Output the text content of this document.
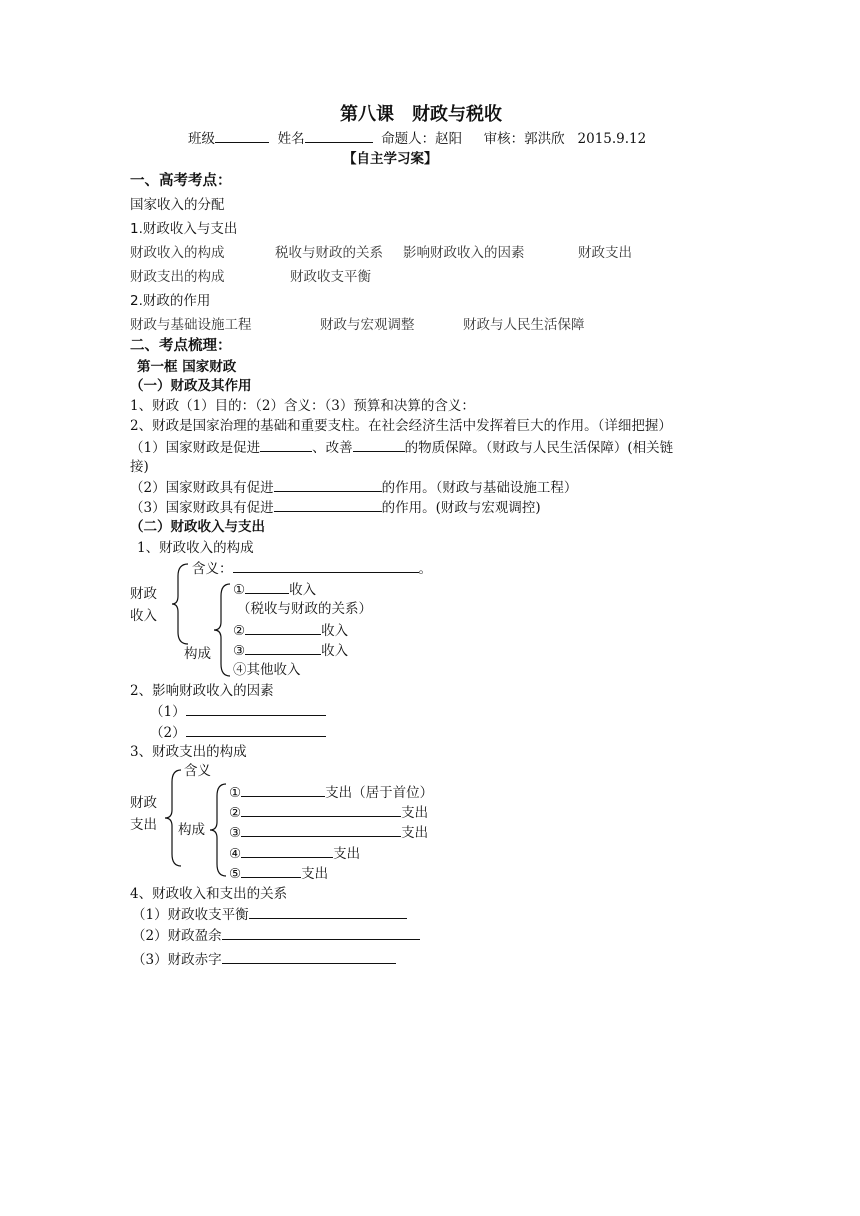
第八课　财政与税收
班级	姓名	命题人：赵阳 审核：郭洪欣 2015.9.12
【自主学习案】
一、高考考点：
国家收入的分配
1.财政收入与支出
财政收入的构成	税收与财政的关系 影响财政收入的因素	财政支出
财政支出的构成	财政收支平衡
2.财政的作用
财政与基础设施工程	财政与宏观调整	财政与人民生活保障
二、考点梳理：
第一框 国家财政
（一）财政及其作用
1、财政（1）目的：（2）含义：（3）预算和决算的含义：
2、财政是国家治理的基础和重要支柱。在社会经济生活中发挥着巨大的作用。（详细把握）
（1）国家财政是促进	、改善	的物质保障。（财政与人民生活保障）(相关链
接)
（2）国家财政具有促进	的作用。（财政与基础设施工程）
（3）国家财政具有促进	的作用。(财政与宏观调控)
（二）财政收入与支出
1、财政收入的构成
含义：	。
财政
收入
构成
①	收入
（税收与财政的关系）
②	收入
③	收入
④其他收入
2、影响财政收入的因素
（1）
（2）
3、财政支出的构成
含义
财政
支出 构成
①	支出（居于首位）
②	支出
③	支出
④	支出
⑤	支出
4、财政收入和支出的关系
（1）财政收支平衡
（2）财政盈余
（3）财政赤字
